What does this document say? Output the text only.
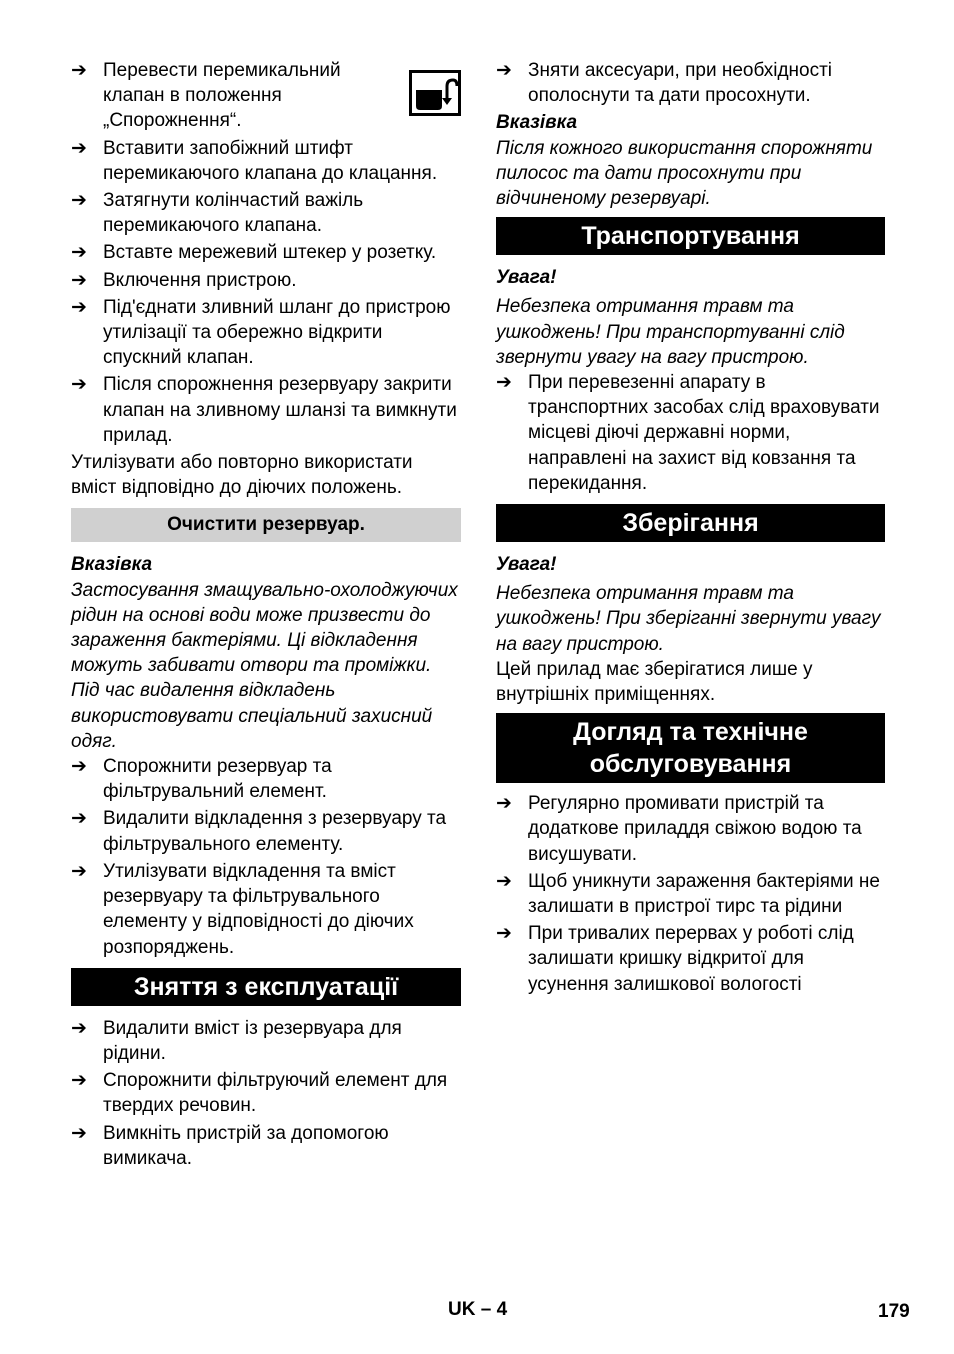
➔ Перевести перемикальний клапан в положення „Спорожнення“.
➔ Вставити запобіжний штифт перемикаючого клапана до клацання.
➔ Затягнути колінчастий важіль перемикаючого клапана.
➔ Вставте мережевий штекер у розетку.
➔ Включення пристрою.
➔ Під'єднати зливний шланг до пристрою утилізації та обережно відкрити спускний клапан.
➔ Після спорожнення резервуару закрити клапан на зливному шланзі та вимкнути прилад.

Утилізувати або повторно використати вміст відповідно до діючих положень.

Очистити резервуар.

Вказівка

Застосування змащувально-охолоджуючих рідин на основі води може призвести до зараження бактеріями. Ці відкладення можуть забивати отвори та проміжки. Під час видалення відкладень використовувати спеціальний захисний одяг.

➔ Спорожнити резервуар та фільтрувальний елемент.
➔ Видалити відкладення з резервуару та фільтрувального елементу.
➔ Утилізувати відкладення та вміст резервуару та фільтрувального елементу у відповідності до діючих розпоряджень.
Зняття з експлуатації
➔ Видалити вміст із резервуара для рідини.
➔ Спорожнити фільтруючий елемент для твердих речовин.
➔ Вимкніть пристрій за допомогою вимикача.
➔ Зняти аксесуари, при необхідності ополоснути та дати просохнути.

Вказівка

Після кожного використання спорожняти пилосос та дати просохнути при відчиненому резервуарі.

Транспортування

Увага!

Небезпека отримання травм та ушкоджень! При транспортуванні слід звернути увагу на вагу пристрою.

➔ При перевезенні апарату в транспортних засобах слід враховувати місцеві діючі державні норми, направлені на захист від ковзання та перекидання.
Зберігання

Увага!

Небезпека отримання травм та ушкоджень! При зберіганні звернути увагу на вагу пристрою.

Цей прилад має зберігатися лише у внутрішніх приміщеннях.

Догляд та технічне обслуговування
➔ Регулярно промивати пристрій та додаткове приладдя свіжою водою та висушувати.
➔ Щоб уникнути зараження бактеріями не залишати в пристрої тирс та рідини
➔ При тривалих перервах у роботі слід залишати кришку відкритої для усунення залишкової вологості
UK – 4	179
